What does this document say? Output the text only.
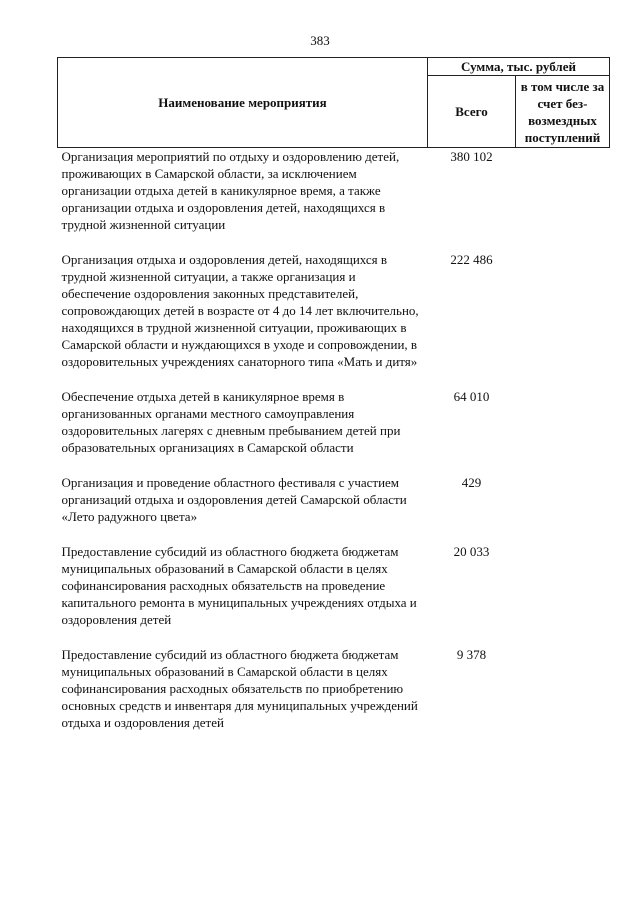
383
Наименование мероприятия	Сумма, тыс. рублей	
	Всего	в том числе за счет без-возмездных поступлений
Организация мероприятий по отдыху и оздоровлению детей, проживающих в Самарской области, за исключением организации отдыха детей в каникулярное время, а также организации отдыха и оздоровления детей, находящихся в трудной жизненной ситуации	380 102	
Организация отдыха и оздоровления детей, находящихся в трудной жизненной ситуации, а также организация и обеспечение оздоровления законных представителей, сопровождающих детей в возрасте от 4 до 14 лет включительно, находящихся в трудной жизненной ситуации, проживающих в Самарской области и нуждающихся в уходе и сопровождении, в оздоровительных учреждениях санаторного типа «Мать и дитя»	222 486	
Обеспечение отдыха детей в каникулярное время в организованных органами местного самоуправления оздоровительных лагерях с дневным пребыванием детей при образовательных организациях в Самарской области	64 010	
Организация и проведение областного фестиваля с участием организаций отдыха и оздоровления детей Самарской области «Лето радужного цвета»	429	
Предоставление субсидий из областного бюджета бюджетам муниципальных образований в Самарской области в целях софинансирования расходных обязательств на проведение капитального ремонта в муниципальных учреждениях отдыха и оздоровления детей	20 033	
Предоставление субсидий из областного бюджета бюджетам муниципальных образований в Самарской области в целях софинансирования расходных обязательств по приобретению основных средств и инвентаря для муниципальных учреждений отдыха и оздоровления детей	9 378	
